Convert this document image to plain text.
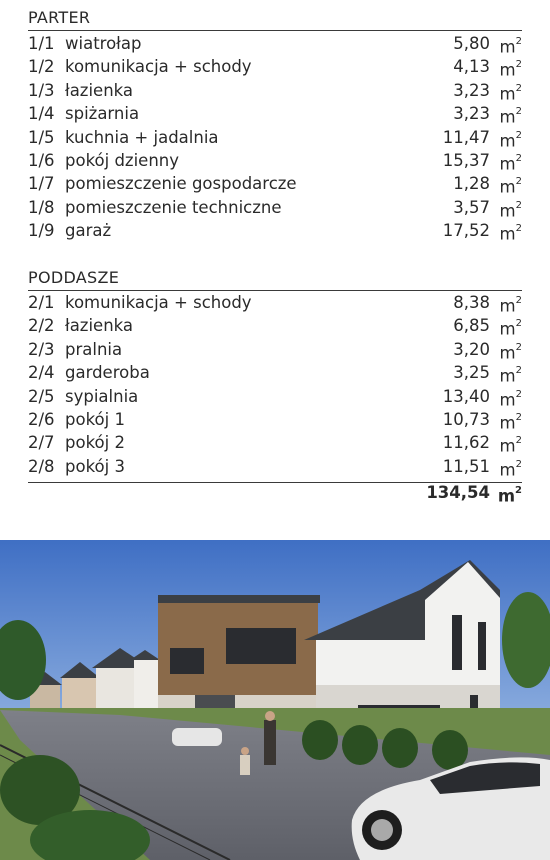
PARTER
1/1 wiatrołap	5,80 $m^2$
1/2 komunikacja + schody	4,13 $m^2$
1/3 łazienka	3,23 $m^2$
1/4 spiżarnia	3,23 $m^2$
1/5 kuchnia + jadalnia	11,47 $m^2$
1/6 pokój dzienny	15,37 $m^2$
1/7 pomieszczenie gospodarcze	1,28 $m^2$
1/8 pomieszczenie techniczne	3,57 $m^2$
1/9 garaż	17,52 $m^2$
PODDASZE
2/1 komunikacja + schody	8,38 $m^2$
2/2 łazienka	6,85 $m^2$
2/3 pralnia	3,20 $m^2$
2/4 garderoba	3,25 $m^2$
2/5 sypialnia	13,40 $m^2$
2/6 pokój 1	10,73 $m^2$
2/7 pokój 2	11,62 $m^2$
2/8 pokój 3	11,51 $m^2$
134,54 $m^2$
